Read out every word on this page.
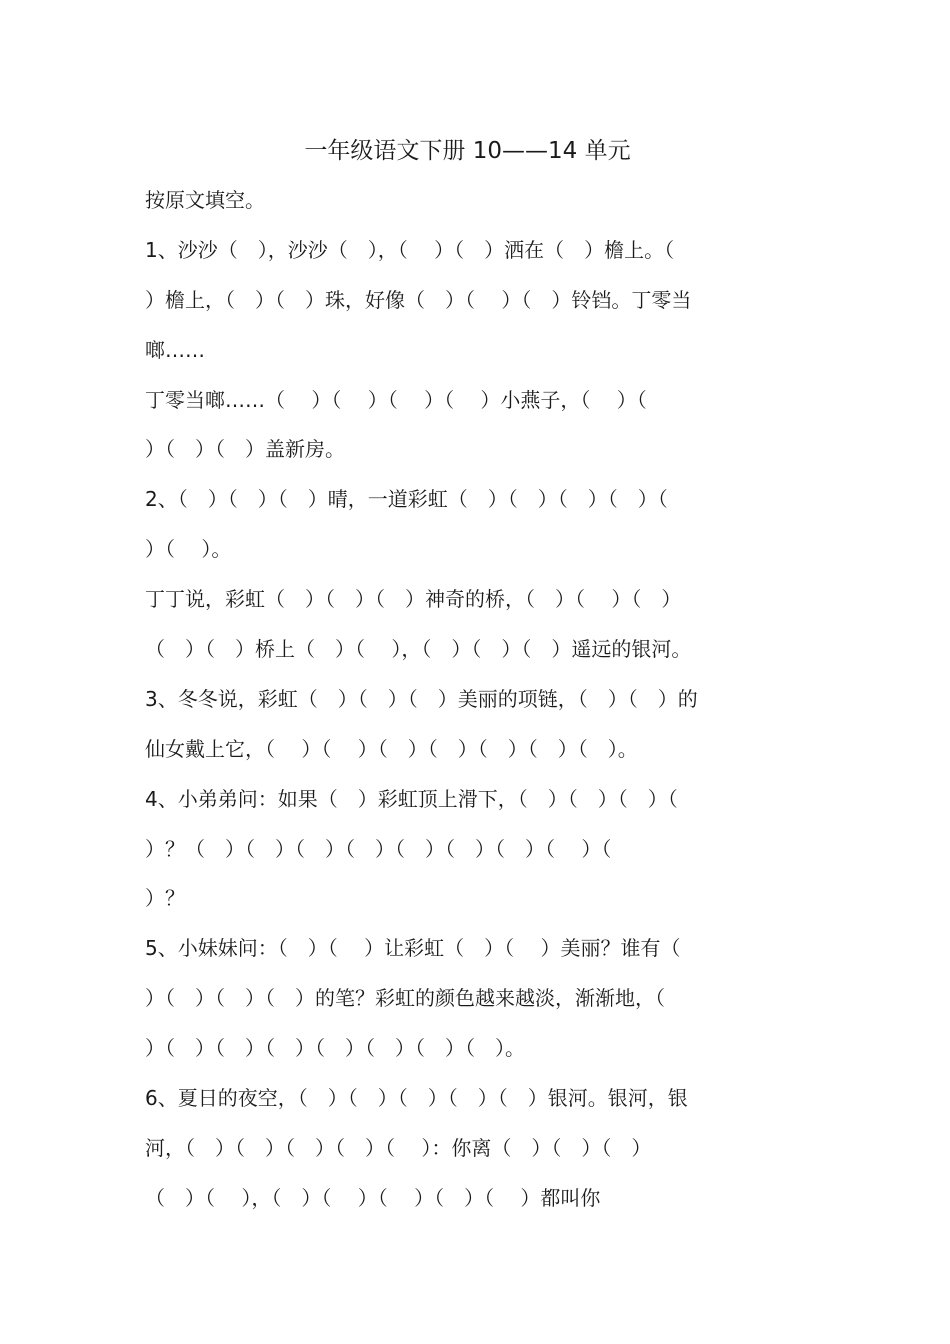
一年级语文下册 10——14 单元
按原文填空。
1、沙沙（　），沙沙（　），（　 ）（　）洒在（　）檐上。（
）檐上，（　）（　）珠，好像（　）（　 ）（　）铃铛。丁零当
啷……
丁零当啷……（　 ）（　 ）（　 ）（　 ）小燕子，（　 ）（
）（　）（　）盖新房。
2、（　）（　）（　）晴，一道彩虹（　）（　）（　）（　）（
）（　 ）。
丁丁说，彩虹（　）（　）（　）神奇的桥，（　）（　 ）（　）
（　）（　）桥上（　）（　 ），（　）（　）（　）遥远的银河。
3、冬冬说，彩虹（　）（　）（　）美丽的项链，（　）（　）的
仙女戴上它，（　 ）（　 ）（　）（　）（　）（　）（　）。
4、小弟弟问：如果（　）彩虹顶上滑下，（　）（　）（　）（
）？（　）（　）（　）（　）（　）（　）（　）（　 ）（
）？
5、小妹妹问：（　）（　 ）让彩虹（　）（　 ）美丽？谁有（
）（　）（　）（　）的笔？彩虹的颜色越来越淡，渐渐地，（
）（　）（　）（　）（　）（　）（　）（　）。
6、夏日的夜空，（　）（　）（　）（　）（　）银河。银河，银
河，（　）（　）（　）（　）（　 ）：你离（　）（　）（　）
（　）（　 ），（　）（　 ）（　 ）（　）（　 ）都叫你
